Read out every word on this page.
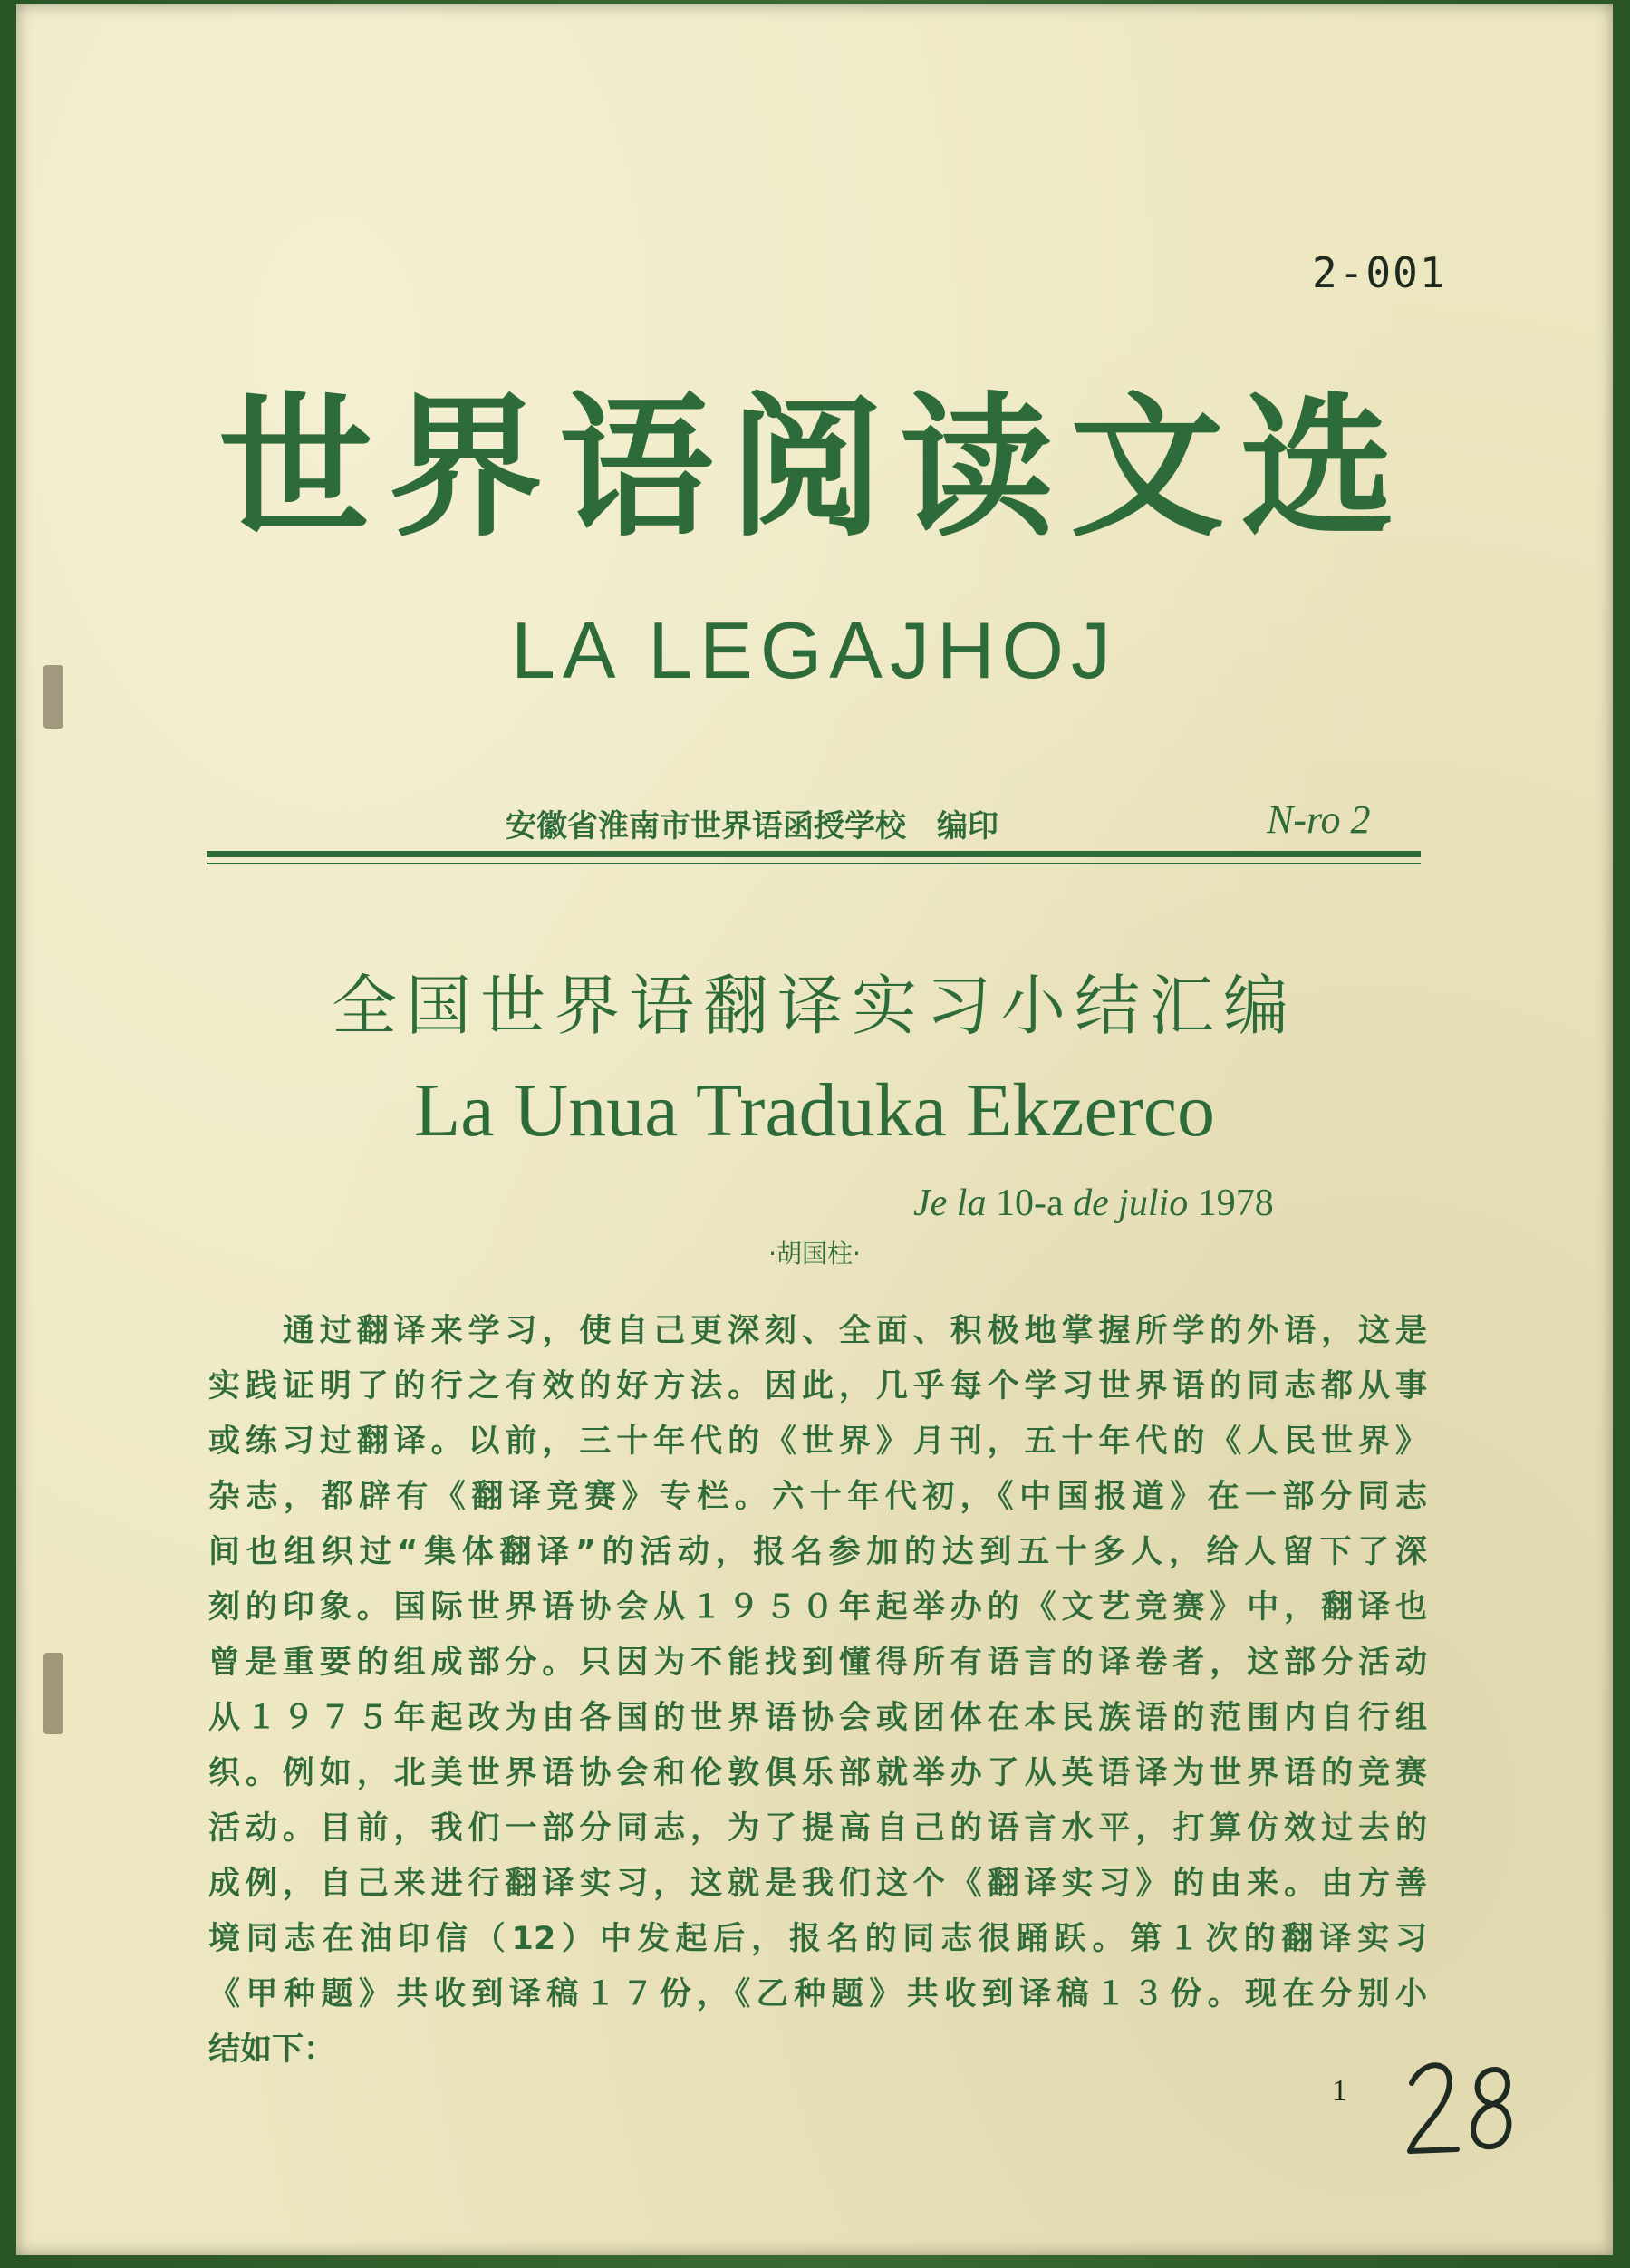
2-001
世界语阅读文选
LA LEGAJHOJ
安徽省淮南市世界语函授学校　编印	N-ro 2
全国世界语翻译实习小结汇编
La Unua Traduka Ekzerco
Je la 10-a de julio 1978
·胡国柱·
　　通过翻译来学习，使自己更深刻、全面、积极地掌握所学的外语，这是
实践证明了的行之有效的好方法。因此，几乎每个学习世界语的同志都从事
或练习过翻译。以前，三十年代的《世界》月刊，五十年代的《人民世界》
杂志，都辟有《翻译竞赛》专栏。六十年代初，《中国报道》在一部分同志
间也组织过“集体翻译”的活动，报名参加的达到五十多人，给人留下了深
刻的印象。国际世界语协会从１９５０年起举办的《文艺竞赛》中，翻译也
曾是重要的组成部分。只因为不能找到懂得所有语言的译卷者，这部分活动
从１９７５年起改为由各国的世界语协会或团体在本民族语的范围内自行组
织。例如，北美世界语协会和伦敦俱乐部就举办了从英语译为世界语的竞赛
活动。目前，我们一部分同志，为了提高自己的语言水平，打算仿效过去的
成例，自己来进行翻译实习，这就是我们这个《翻译实习》的由来。由方善
境同志在油印信（12）中发起后，报名的同志很踊跃。第１次的翻译实习
《甲种题》共收到译稿１７份，《乙种题》共收到译稿１３份。现在分别小
结如下：
1
